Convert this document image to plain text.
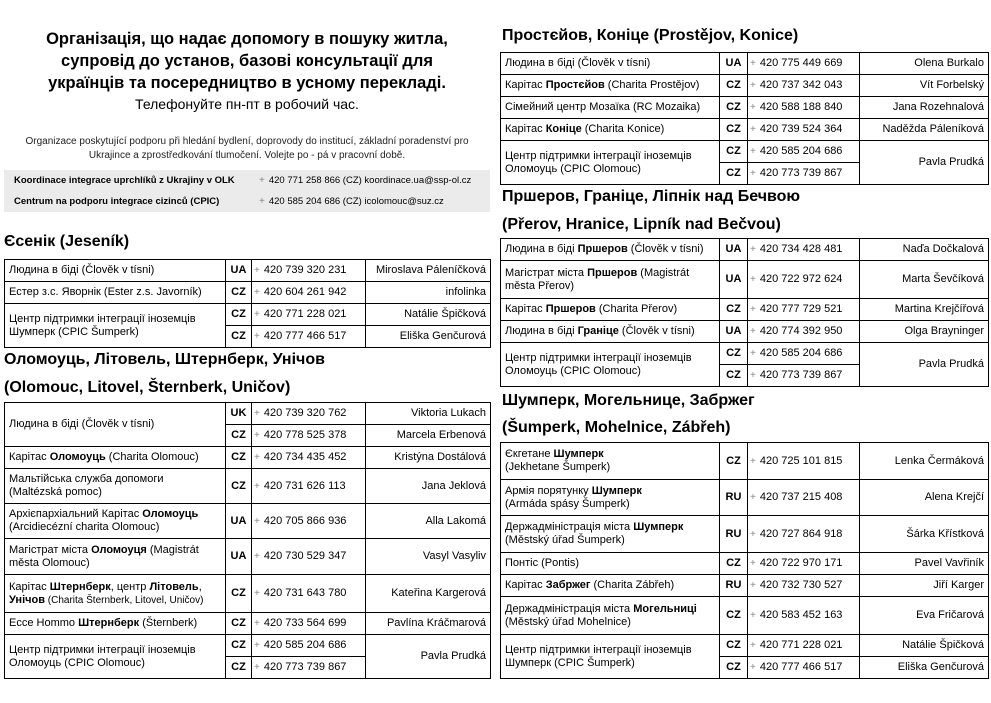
Організація, що надає допомогу в пошуку житла,
супровід до установ, базові консультації для
українців та посередництво в усному перекладі.
Телефонуйте пн-пт в робочий час.
Organizace poskytující podporu při hledání bydlení, doprovody do institucí, základní poradenství pro
Ukrajince a zprostředkování tlumočení. Volejte po - pá v pracovní době.
Koordinace integrace uprchlíků z Ukrajiny v OLK	+ 420 771 258 866 (CZ) koordinace.ua@ssp-ol.cz
Centrum na podporu integrace cizinců (CPIC)	+ 420 585 204 686 (CZ) icolomouc@suz.cz
Єсенік (Jeseník)
Людина в біді (Člověk v tísni)	UA	+ 420 739 320 231	Miroslava Páleníčková
Естер з.с. Яворнік (Ester z.s. Javorník)	CZ	+ 420 604 261 942	infolinka
Центр підтримки інтеграції іноземців Шумперк (CPIC Šumperk)	CZ	+ 420 771 228 021	Natálie Špičková
	CZ	+ 420 777 466 517	Eliška Genčurová
Оломоуць, Літовель, Штернберк, Унічов
(Olomouc, Litovel, Šternberk, Uničov)
Людина в біді (Člověk v tísni)	UK	+ 420 739 320 762	Viktoria Lukach
	CZ	+ 420 778 525 378	Marcela Erbenová
Карітас Оломоуць (Charita Olomouc)	CZ	+ 420 734 435 452	Kristýna Dostálová

Мальтійська служба допомоги
(Maltézská pomoc)	CZ	+ 420 731 626 113	Jana Jeklová

Архієпархіальний Карітас Оломоуць
(Arcidiecézní charita Olomouc)	UA	+ 420 705 866 936	Alla Lakomá

Магістрат міста Оломоуця (Magistrát
města Olomouc)	UA	+ 420 730 529 347	Vasyl Vasyliv

Карітас Штернберк, центр Літовель,
Унічов (Charita Šternberk, Litovel, Uničov)	CZ	+ 420 731 643 780	Kateřina Kargerová
Ecce Hommo Штернберк (Šternberk)	CZ	+ 420 733 564 699	Pavlína Kráčmarová
Центр підтримки інтеграції іноземців Оломоуць (CPIC Olomouc)	CZ	+ 420 585 204 686	Pavla Prudká
	CZ	+ 420 773 739 867	
Простєйов, Коніце (Prostějov, Konice)
Людина в біді (Člověk v tísni)	UA	+ 420 775 449 669	Olena Burkalo
Карітас Простєйов (Charita Prostějov)	CZ	+ 420 737 342 043	Vít Forbelský
Сімейний центр Мозаїка (RC Mozaika)	CZ	+ 420 588 188 840	Jana Rozehnalová
Карітас Коніце (Charita Konice)	CZ	+ 420 739 524 364	Naděžda Páleníková
Центр підтримки інтеграції іноземців Оломоуць (CPIC Olomouc)	CZ	+ 420 585 204 686	Pavla Prudká
	CZ	+ 420 773 739 867	
Пршеров, Граніце, Ліпнік над Бечвою
(Přerov, Hranice, Lipník nad Bečvou)
Людина в біді Пршеров (Člověk v tísni)	UA	+ 420 734 428 481	Naďa Dočkalová

Магістрат міста Пршеров (Magistrát
města Přerov)	UA	+ 420 722 972 624	Marta Ševčíková
Карітас Пршеров (Charita Přerov)	CZ	+ 420 777 729 521	Martina Krejčířová
Людина в біді Граніце (Člověk v tísni)	UA	+ 420 774 392 950	Olga Brayninger
Центр підтримки інтеграції іноземців Оломоуць (CPIC Olomouc)	CZ	+ 420 585 204 686	Pavla Prudká
	CZ	+ 420 773 739 867	
Шумперк, Могельнице, Забржег
(Šumperk, Mohelnice, Zábřeh)
Єкгетане Шумперк
(Jekhetane Šumperk)	CZ	+ 420 725 101 815	Lenka Čermáková

Армія порятунку Шумперк
(Armáda spásy Šumperk)	RU	+ 420 737 215 408	Alena Krejčí

Держадміністрація міста Шумперк
(Městský úřad Šumperk)	RU	+ 420 727 864 918	Šárka Křístková
Понтіс (Pontis)	CZ	+ 420 722 970 171	Pavel Vavřiník
Карітас Забржег (Charita Zábřeh)	RU	+ 420 732 730 527	Jiří Karger

Держадміністрація міста Могельниці
(Městský úřad Mohelnice)	CZ	+ 420 583 452 163	Eva Fričarová
Центр підтримки інтеграції іноземців Шумперк (CPIC Šumperk)	CZ	+ 420 771 228 021	Natálie Špičková
	CZ	+ 420 777 466 517	Eliška Genčurová
